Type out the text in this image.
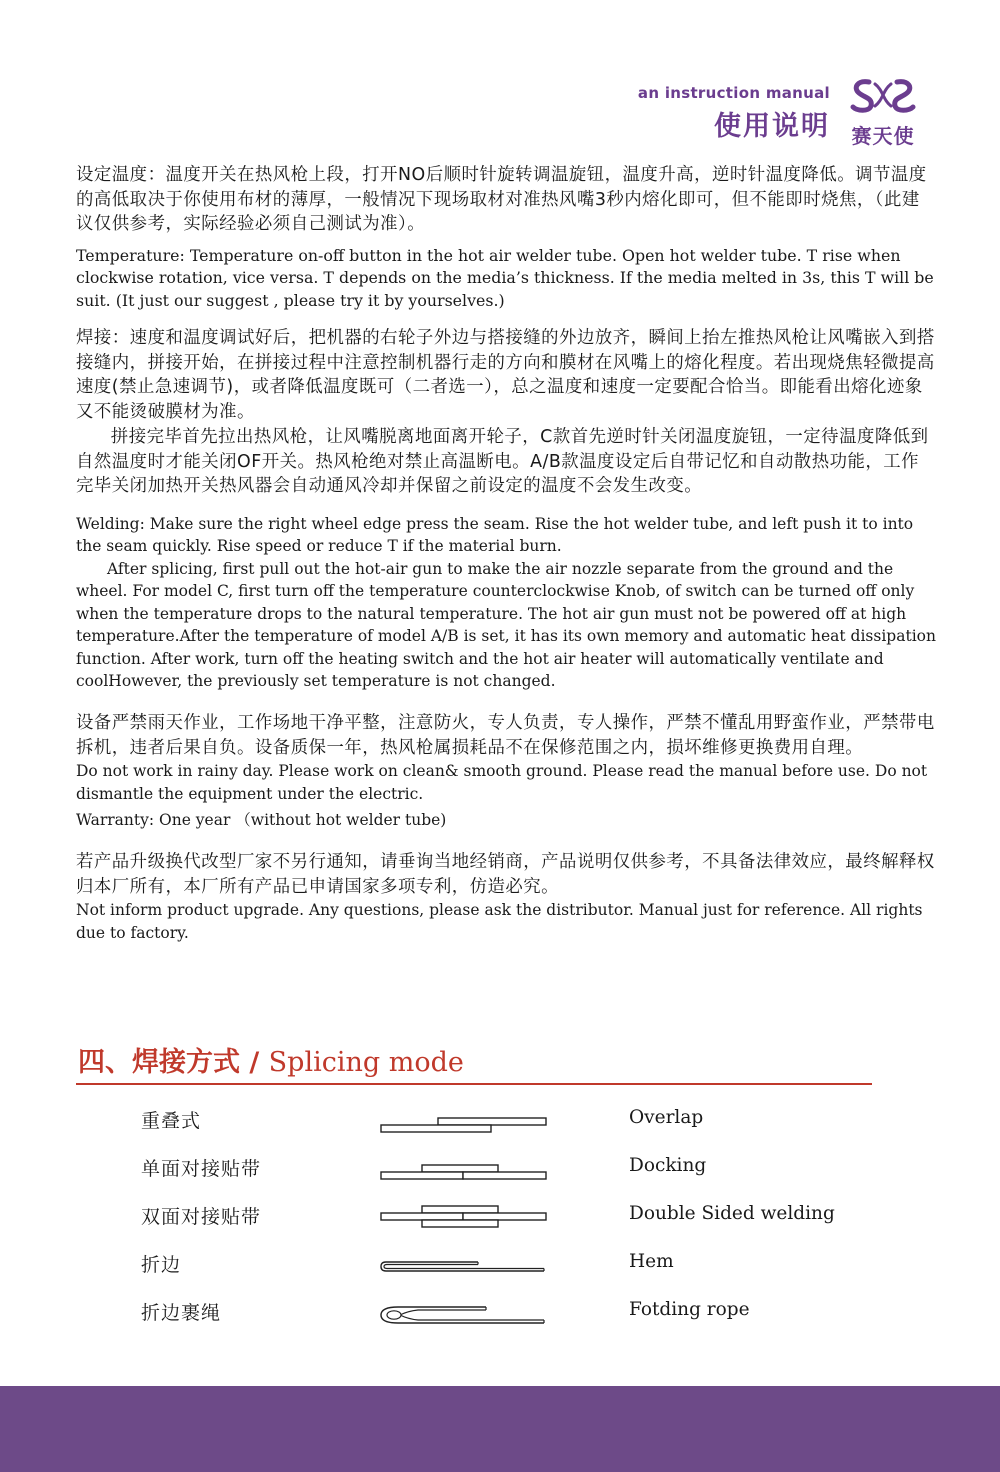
an instruction manual
使用说明	赛天使

设定温度：温度开关在热风枪上段，打开NO后顺时针旋转调温旋钮，温度升高，逆时针温度降低。调节温度的高低取决于你使用布材的薄厚，一般情况下现场取材对准热风嘴3秒内熔化即可，但不能即时烧焦，（此建议仅供参考，实际经验必须自己测试为准）。

Temperature: Temperature on-off button in the hot air welder tube. Open hot welder tube. T rise when clockwise rotation, vice versa. T depends on the media’s thickness. If the media melted in 3s, this T will be suit. (It just our suggest , please try it by yourselves.)

焊接：速度和温度调试好后，把机器的右轮子外边与搭接缝的外边放齐，瞬间上抬左推热风枪让风嘴嵌入到搭接缝内，拼接开始，在拼接过程中注意控制机器行走的方向和膜材在风嘴上的熔化程度。若出现烧焦轻微提高速度(禁止急速调节)，或者降低温度既可（二者选一），总之温度和速度一定要配合恰当。即能看出熔化迹象又不能烫破膜材为准。

拼接完毕首先拉出热风枪，让风嘴脱离地面离开轮子，C款首先逆时针关闭温度旋钮，一定待温度降低到自然温度时才能关闭OF开关。热风枪绝对禁止高温断电。A/B款温度设定后自带记忆和自动散热功能，工作完毕关闭加热开关热风器会自动通风冷却并保留之前设定的温度不会发生改变。

Welding: Make sure the right wheel edge press the seam. Rise the hot welder tube, and left push it to into the seam quickly. Rise speed or reduce T if the material burn.

After splicing, first pull out the hot-air gun to make the air nozzle separate from the ground and the wheel. For model C, first turn off the temperature counterclockwise Knob, of switch can be turned off only when the temperature drops to the natural temperature. The hot air gun must not be powered off at high temperature.After the temperature of model A/B is set, it has its own memory and automatic heat dissipation function. After work, turn off the heating switch and the hot air heater will automatically ventilate and coolHowever, the previously set temperature is not changed.

设备严禁雨天作业，工作场地干净平整，注意防火，专人负责，专人操作，严禁不懂乱用野蛮作业，严禁带电拆机，违者后果自负。设备质保一年，热风枪属损耗品不在保修范围之内，损坏维修更换费用自理。

Do not work in rainy day. Please work on clean& smooth ground. Please read the manual before use. Do not dismantle the equipment under the electric.

Warranty: One year （without hot welder tube)

若产品升级换代改型厂家不另行通知，请垂询当地经销商，产品说明仅供参考，不具备法律效应，最终解释权归本厂所有，本厂所有产品已申请国家多项专利，仿造必究。

Not inform product upgrade. Any questions, please ask the distributor. Manual just for reference. All rights due to factory.

四、焊接方式 / Splicing mode
重叠式	Overlap
单面对接贴带	Docking
双面对接贴带	Double Sided welding
折边	Hem
折边裹绳	Fotding rope
